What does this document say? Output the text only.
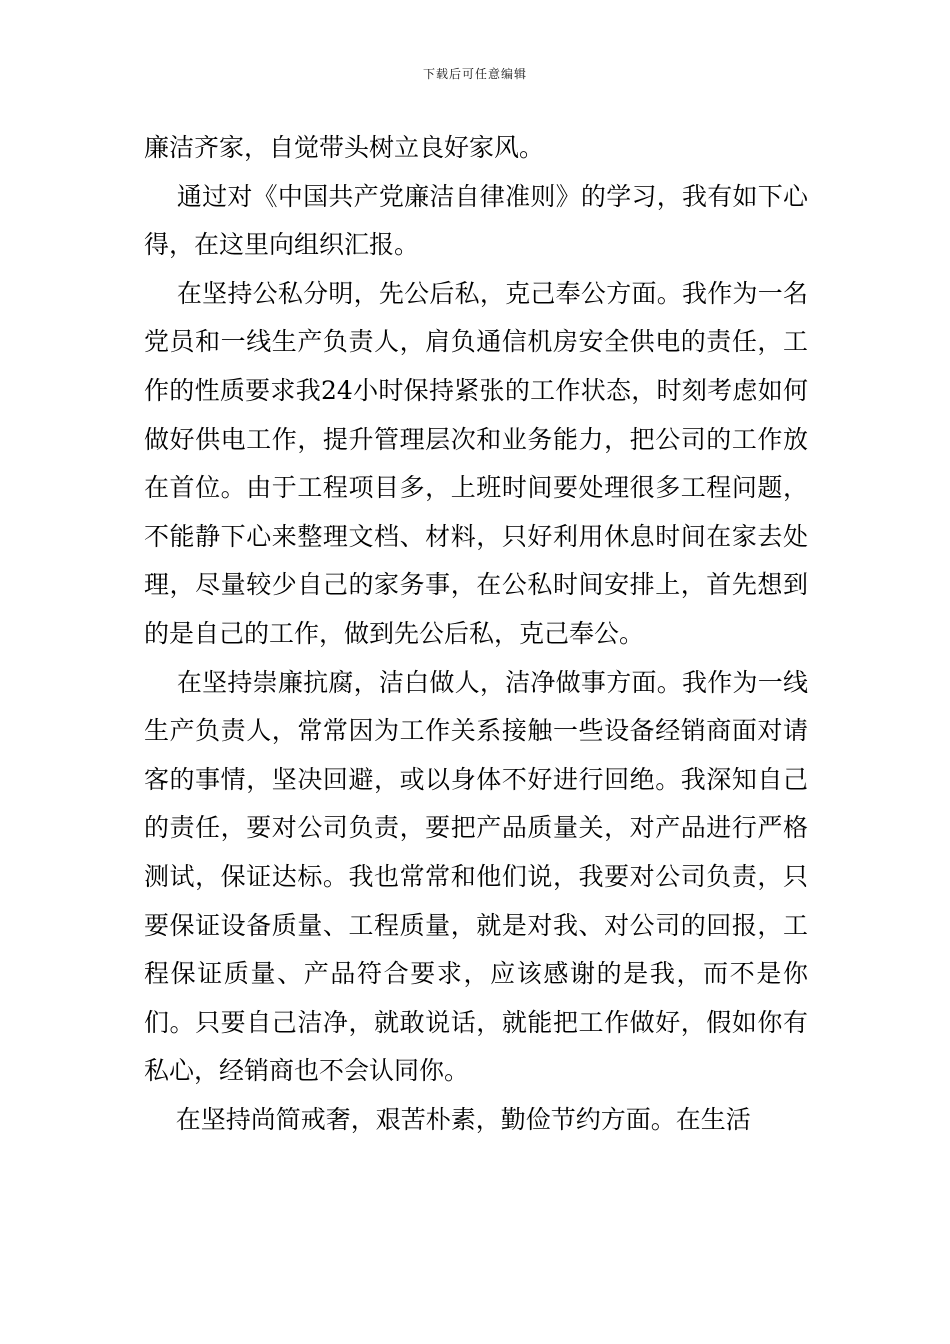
下载后可任意编辑

廉洁齐家，自觉带头树立良好家风。

通过对《中国共产党廉洁自律准则》的学习，我有如下心得，在这里向组织汇报。

在坚持公私分明，先公后私，克己奉公方面。我作为一名党员和一线生产负责人，肩负通信机房安全供电的责任，工作的性质要求我24小时保持紧张的工作状态，时刻考虑如何做好供电工作，提升管理层次和业务能力，把公司的工作放在首位。由于工程项目多，上班时间要处理很多工程问题，不能静下心来整理文档、材料，只好利用休息时间在家去处理，尽量较少自己的家务事，在公私时间安排上，首先想到的是自己的工作，做到先公后私，克己奉公。

在坚持崇廉抗腐，洁白做人，洁净做事方面。我作为一线生产负责人，常常因为工作关系接触一些设备经销商面对请客的事情，坚决回避，或以身体不好进行回绝。我深知自己的责任，要对公司负责，要把产品质量关，对产品进行严格测试，保证达标。我也常常和他们说，我要对公司负责，只要保证设备质量、工程质量，就是对我、对公司的回报，工程保证质量、产品符合要求，应该感谢的是我，而不是你们。只要自己洁净，就敢说话，就能把工作做好，假如你有私心，经销商也不会认同你。

在坚持尚简戒奢，艰苦朴素，勤俭节约方面。在生活
